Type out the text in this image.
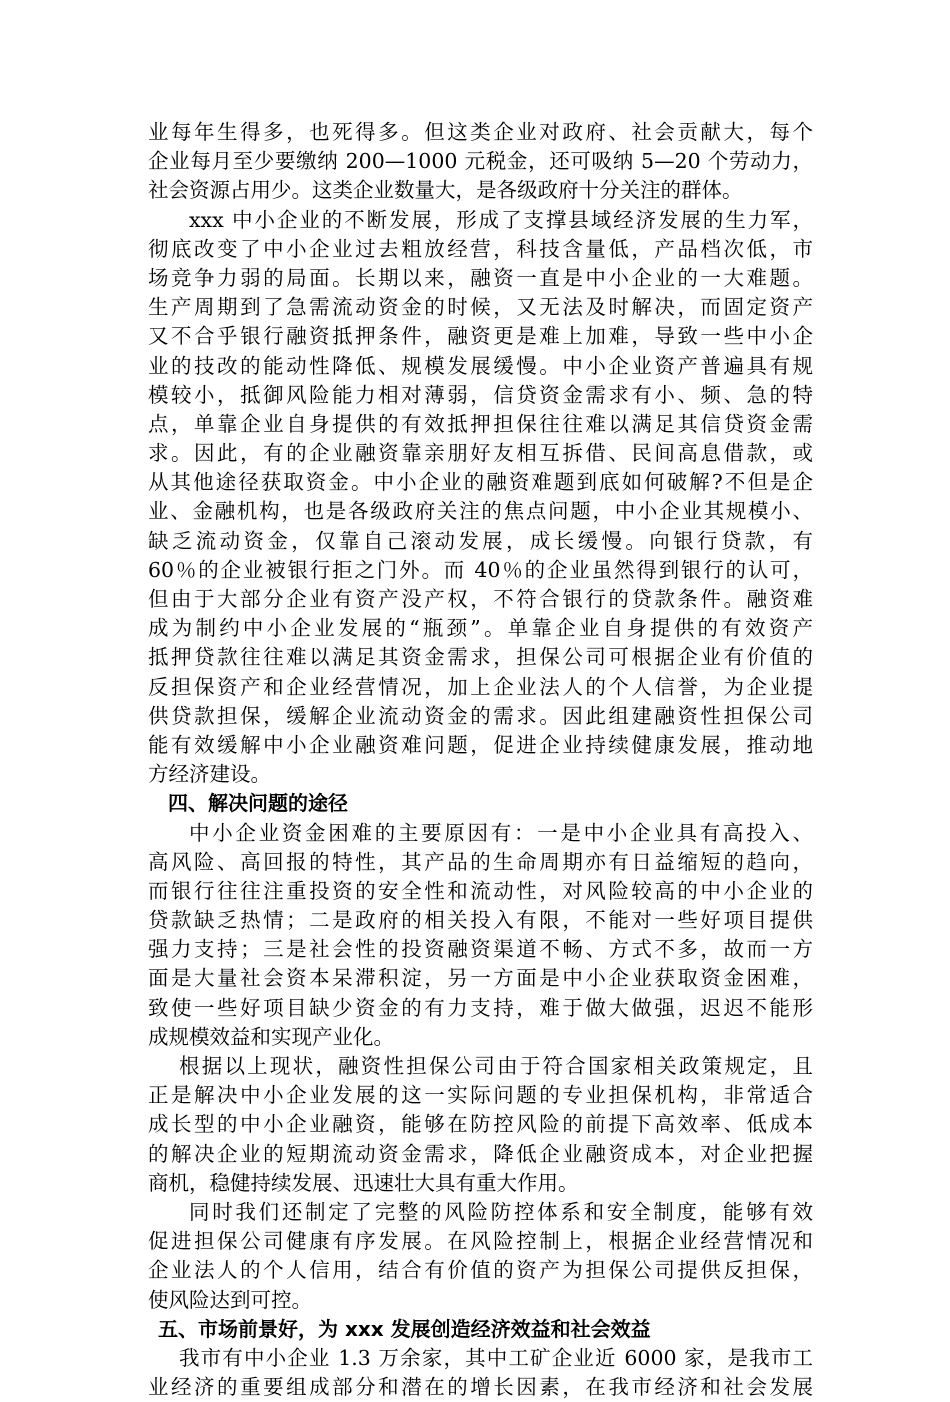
业每年生得多，也死得多。但这类企业对政府、社会贡献大，每个
企业每月至少要缴纳 200—1000 元税金，还可吸纳 5—20 个劳动力，
社会资源占用少。这类企业数量大，是各级政府十分关注的群体。
xxx 中小企业的不断发展，形成了支撑县域经济发展的生力军，
彻底改变了中小企业过去粗放经营，科技含量低，产品档次低，市
场竞争力弱的局面。长期以来，融资一直是中小企业的一大难题。
生产周期到了急需流动资金的时候，又无法及时解决，而固定资产
又不合乎银行融资抵押条件，融资更是难上加难，导致一些中小企
业的技改的能动性降低、规模发展缓慢。中小企业资产普遍具有规
模较小，抵御风险能力相对薄弱，信贷资金需求有小、频、急的特
点，单靠企业自身提供的有效抵押担保往往难以满足其信贷资金需
求。因此，有的企业融资靠亲朋好友相互拆借、民间高息借款，或
从其他途径获取资金。中小企业的融资难题到底如何破解?不但是企
业、金融机构，也是各级政府关注的焦点问题，中小企业其规模小、
缺乏流动资金，仅靠自己滚动发展，成长缓慢。向银行贷款，有
60％的企业被银行拒之门外。而 40％的企业虽然得到银行的认可，
但由于大部分企业有资产没产权，不符合银行的贷款条件。融资难
成为制约中小企业发展的“瓶颈”。单靠企业自身提供的有效资产
抵押贷款往往难以满足其资金需求，担保公司可根据企业有价值的
反担保资产和企业经营情况，加上企业法人的个人信誉，为企业提
供贷款担保，缓解企业流动资金的需求。因此组建融资性担保公司
能有效缓解中小企业融资难问题，促进企业持续健康发展，推动地
方经济建设。
四、解决问题的途径
中小企业资金困难的主要原因有：一是中小企业具有高投入、
高风险、高回报的特性，其产品的生命周期亦有日益缩短的趋向，
而银行往往注重投资的安全性和流动性，对风险较高的中小企业的
贷款缺乏热情；二是政府的相关投入有限，不能对一些好项目提供
强力支持；三是社会性的投资融资渠道不畅、方式不多，故而一方
面是大量社会资本呆滞积淀，另一方面是中小企业获取资金困难，
致使一些好项目缺少资金的有力支持，难于做大做强，迟迟不能形
成规模效益和实现产业化。
根据以上现状，融资性担保公司由于符合国家相关政策规定，且
正是解决中小企业发展的这一实际问题的专业担保机构，非常适合
成长型的中小企业融资，能够在防控风险的前提下高效率、低成本
的解决企业的短期流动资金需求，降低企业融资成本，对企业把握
商机，稳健持续发展、迅速壮大具有重大作用。
同时我们还制定了完整的风险防控体系和安全制度，能够有效
促进担保公司健康有序发展。在风险控制上，根据企业经营情况和
企业法人的个人信用，结合有价值的资产为担保公司提供反担保，
使风险达到可控。
五、市场前景好，为 xxx 发展创造经济效益和社会效益
我市有中小企业 1.3 万余家，其中工矿企业近 6000 家，是我市工
业经济的重要组成部分和潜在的增长因素，在我市经济和社会发展
